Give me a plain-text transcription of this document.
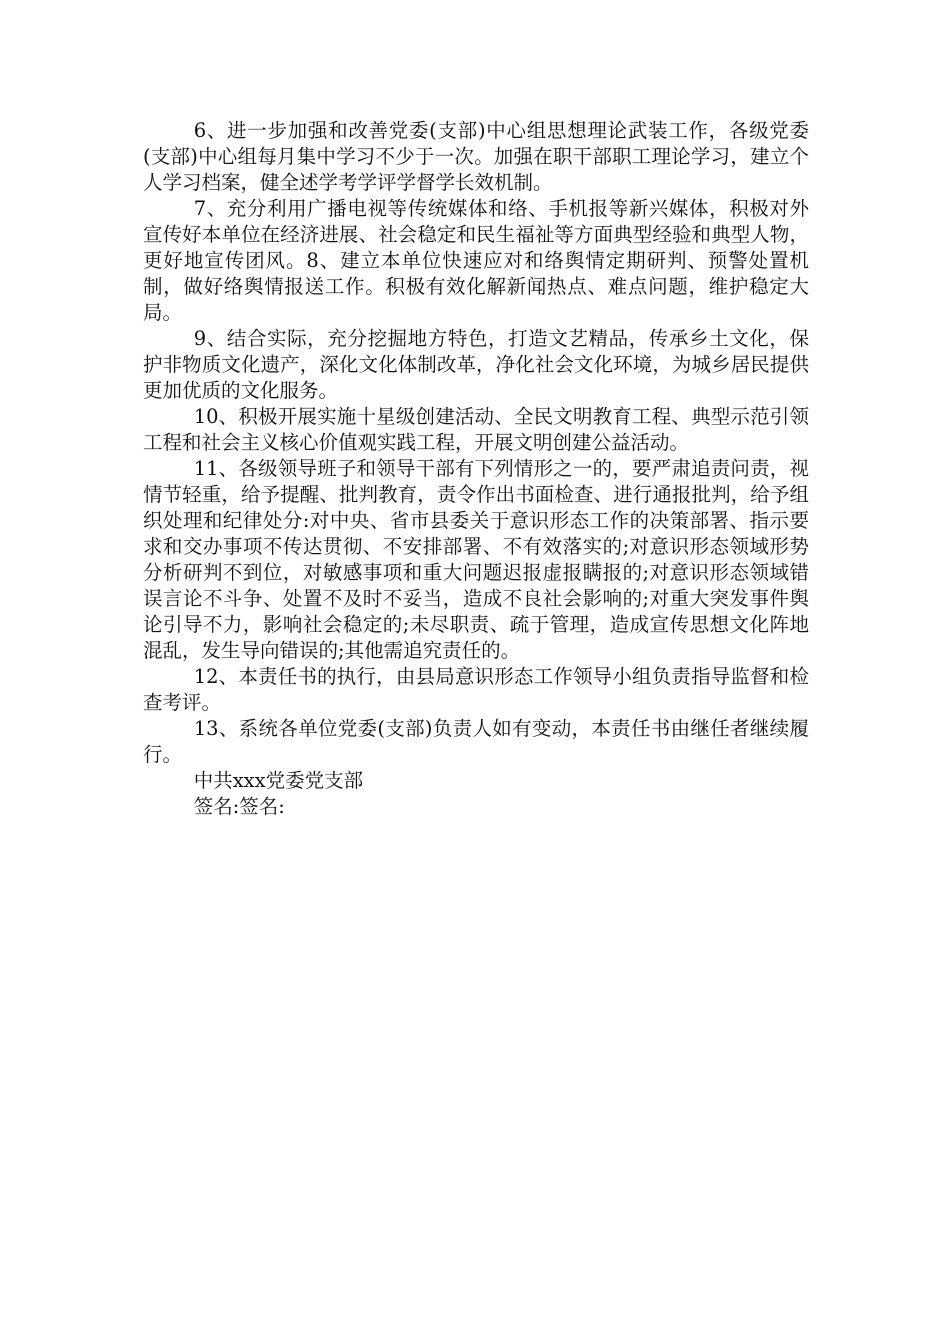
6、进一步加强和改善党委(支部)中心组思想理论武装工作，各级党委(支部)中心组每月集中学习不少于一次。加强在职干部职工理论学习，建立个人学习档案，健全述学考学评学督学长效机制。

7、充分利用广播电视等传统媒体和络、手机报等新兴媒体，积极对外宣传好本单位在经济进展、社会稳定和民生福祉等方面典型经验和典型人物，更好地宣传团风。8、建立本单位快速应对和络舆情定期研判、预警处置机制，做好络舆情报送工作。积极有效化解新闻热点、难点问题，维护稳定大局。

9、结合实际，充分挖掘地方特色，打造文艺精品，传承乡土文化，保护非物质文化遗产，深化文化体制改革，净化社会文化环境，为城乡居民提供更加优质的文化服务。

10、积极开展实施十星级创建活动、全民文明教育工程、典型示范引领工程和社会主义核心价值观实践工程，开展文明创建公益活动。

11、各级领导班子和领导干部有下列情形之一的，要严肃追责问责，视情节轻重，给予提醒、批判教育，责令作出书面检查、进行通报批判，给予组织处理和纪律处分:对中央、省市县委关于意识形态工作的决策部署、指示要求和交办事项不传达贯彻、不安排部署、不有效落实的;对意识形态领域形势分析研判不到位，对敏感事项和重大问题迟报虚报瞒报的;对意识形态领域错误言论不斗争、处置不及时不妥当，造成不良社会影响的;对重大突发事件舆论引导不力，影响社会稳定的;未尽职责、疏于管理，造成宣传思想文化阵地混乱，发生导向错误的;其他需追究责任的。

12、本责任书的执行，由县局意识形态工作领导小组负责指导监督和检查考评。

13、系统各单位党委(支部)负责人如有变动，本责任书由继任者继续履行。

中共xxx党委党支部

签名:签名:
